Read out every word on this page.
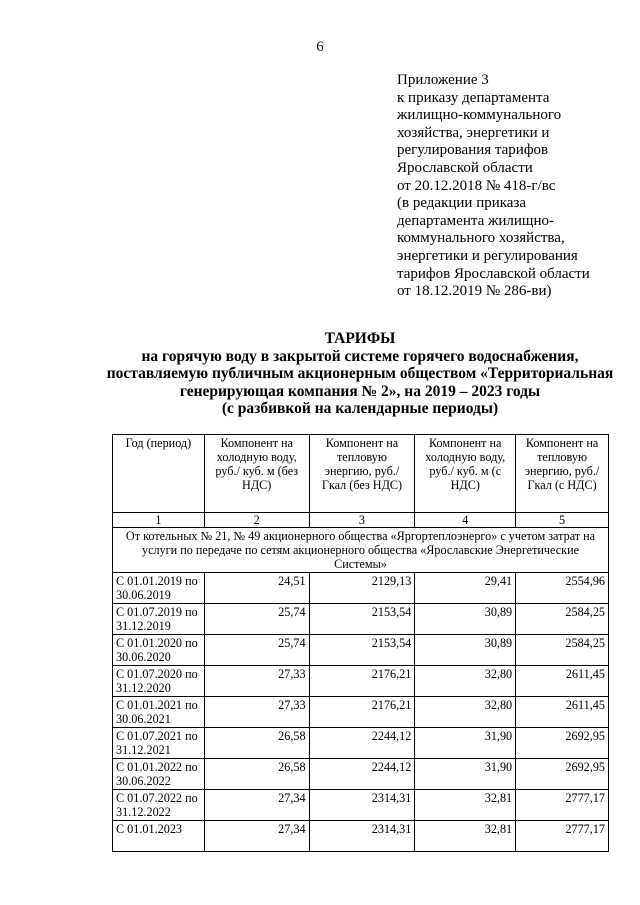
6
Приложение 3
к приказу департамента
жилищно-коммунального
хозяйства, энергетики и
регулирования тарифов
Ярославской области
от 20.12.2018 № 418-г/вс
(в редакции приказа
департамента жилищно-
коммунального хозяйства,
энергетики и регулирования
тарифов Ярославской области
от 18.12.2019 № 286-ви)
ТАРИФЫ
на горячую воду в закрытой системе горячего водоснабжения,
поставляемую публичным акционерным обществом «Территориальная
генерирующая компания № 2», на 2019 – 2023 годы
(с разбивкой на календарные периоды)
Год (период)	Компонент на холодную воду, руб./ куб. м (без НДС)	Компонент на тепловую энергию, руб./Гкал (без НДС)	Компонент на холодную воду, руб./ куб. м (с НДС)	Компонент на тепловую энергию, руб./Гкал (с НДС)
1	2	3	4	5
От котельных № 21, № 49 акционерного общества «Яргортеплоэнерго» с учетом затрат на услуги по передаче по сетям акционерного общества «Ярославские Энергетические Системы»				
С 01.01.2019 по 30.06.2019	24,51	2129,13	29,41	2554,96
С 01.07.2019 по 31.12.2019	25,74	2153,54	30,89	2584,25
С 01.01.2020 по 30.06.2020	25,74	2153,54	30,89	2584,25
С 01.07.2020 по 31.12.2020	27,33	2176,21	32,80	2611,45
С 01.01.2021 по 30.06.2021	27,33	2176,21	32,80	2611,45
С 01.07.2021 по 31.12.2021	26,58	2244,12	31,90	2692,95
С 01.01.2022 по 30.06.2022	26,58	2244,12	31,90	2692,95
С 01.07.2022 по 31.12.2022	27,34	2314,31	32,81	2777,17
С 01.01.2023	27,34	2314,31	32,81	2777,17
